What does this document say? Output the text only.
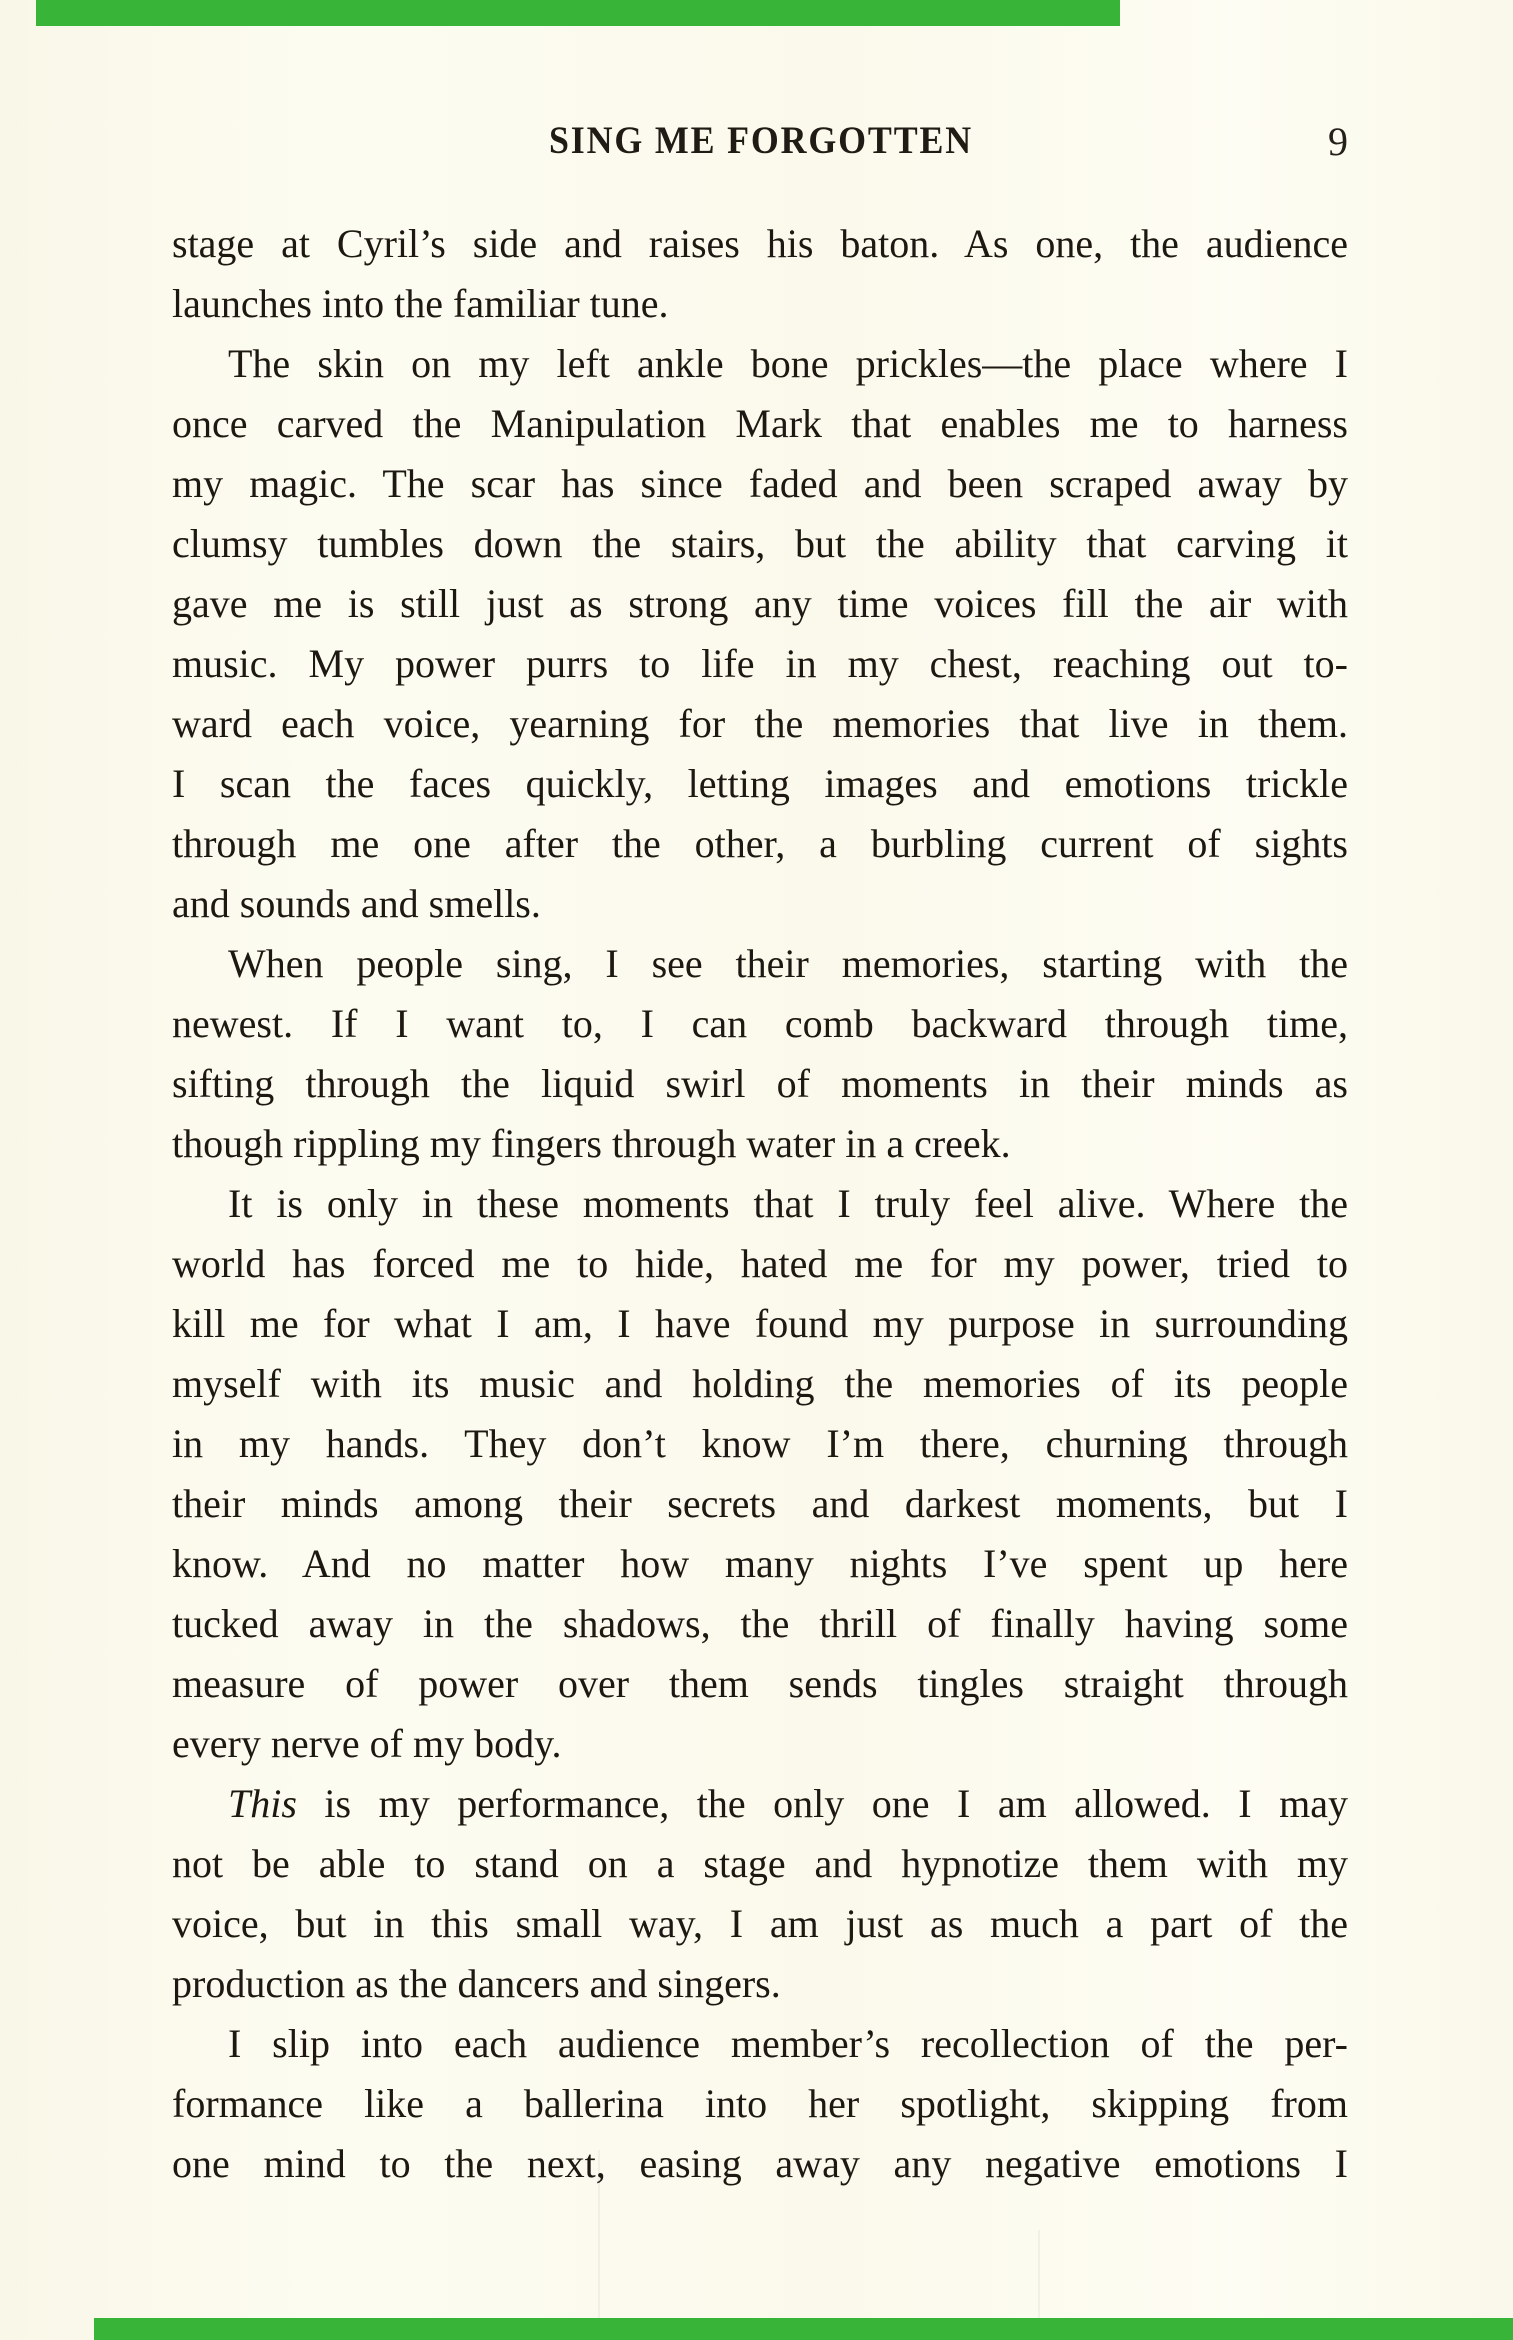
SING ME FORGOTTEN	9
stage at Cyril’s side and raises his baton. As one, the audience
launches into the familiar tune.
The skin on my left ankle bone prickles—the place where I
once carved the Manipulation Mark that enables me to harness
my magic. The scar has since faded and been scraped away by
clumsy tumbles down the stairs, but the ability that carving it
gave me is still just as strong any time voices fill the air with
music. My power purrs to life in my chest, reaching out to-
ward each voice, yearning for the memories that live in them.
I scan the faces quickly, letting images and emotions trickle
through me one after the other, a burbling current of sights
and sounds and smells.
When people sing, I see their memories, starting with the
newest. If I want to, I can comb backward through time,
sifting through the liquid swirl of moments in their minds as
though rippling my fingers through water in a creek.
It is only in these moments that I truly feel alive. Where the
world has forced me to hide, hated me for my power, tried to
kill me for what I am, I have found my purpose in surrounding
myself with its music and holding the memories of its people
in my hands. They don’t know I’m there, churning through
their minds among their secrets and darkest moments, but I
know. And no matter how many nights I’ve spent up here
tucked away in the shadows, the thrill of finally having some
measure of power over them sends tingles straight through
every nerve of my body.
This is my performance, the only one I am allowed. I may
not be able to stand on a stage and hypnotize them with my
voice, but in this small way, I am just as much a part of the
production as the dancers and singers.
I slip into each audience member’s recollection of the per-
formance like a ballerina into her spotlight, skipping from
one mind to the next, easing away any negative emotions I
